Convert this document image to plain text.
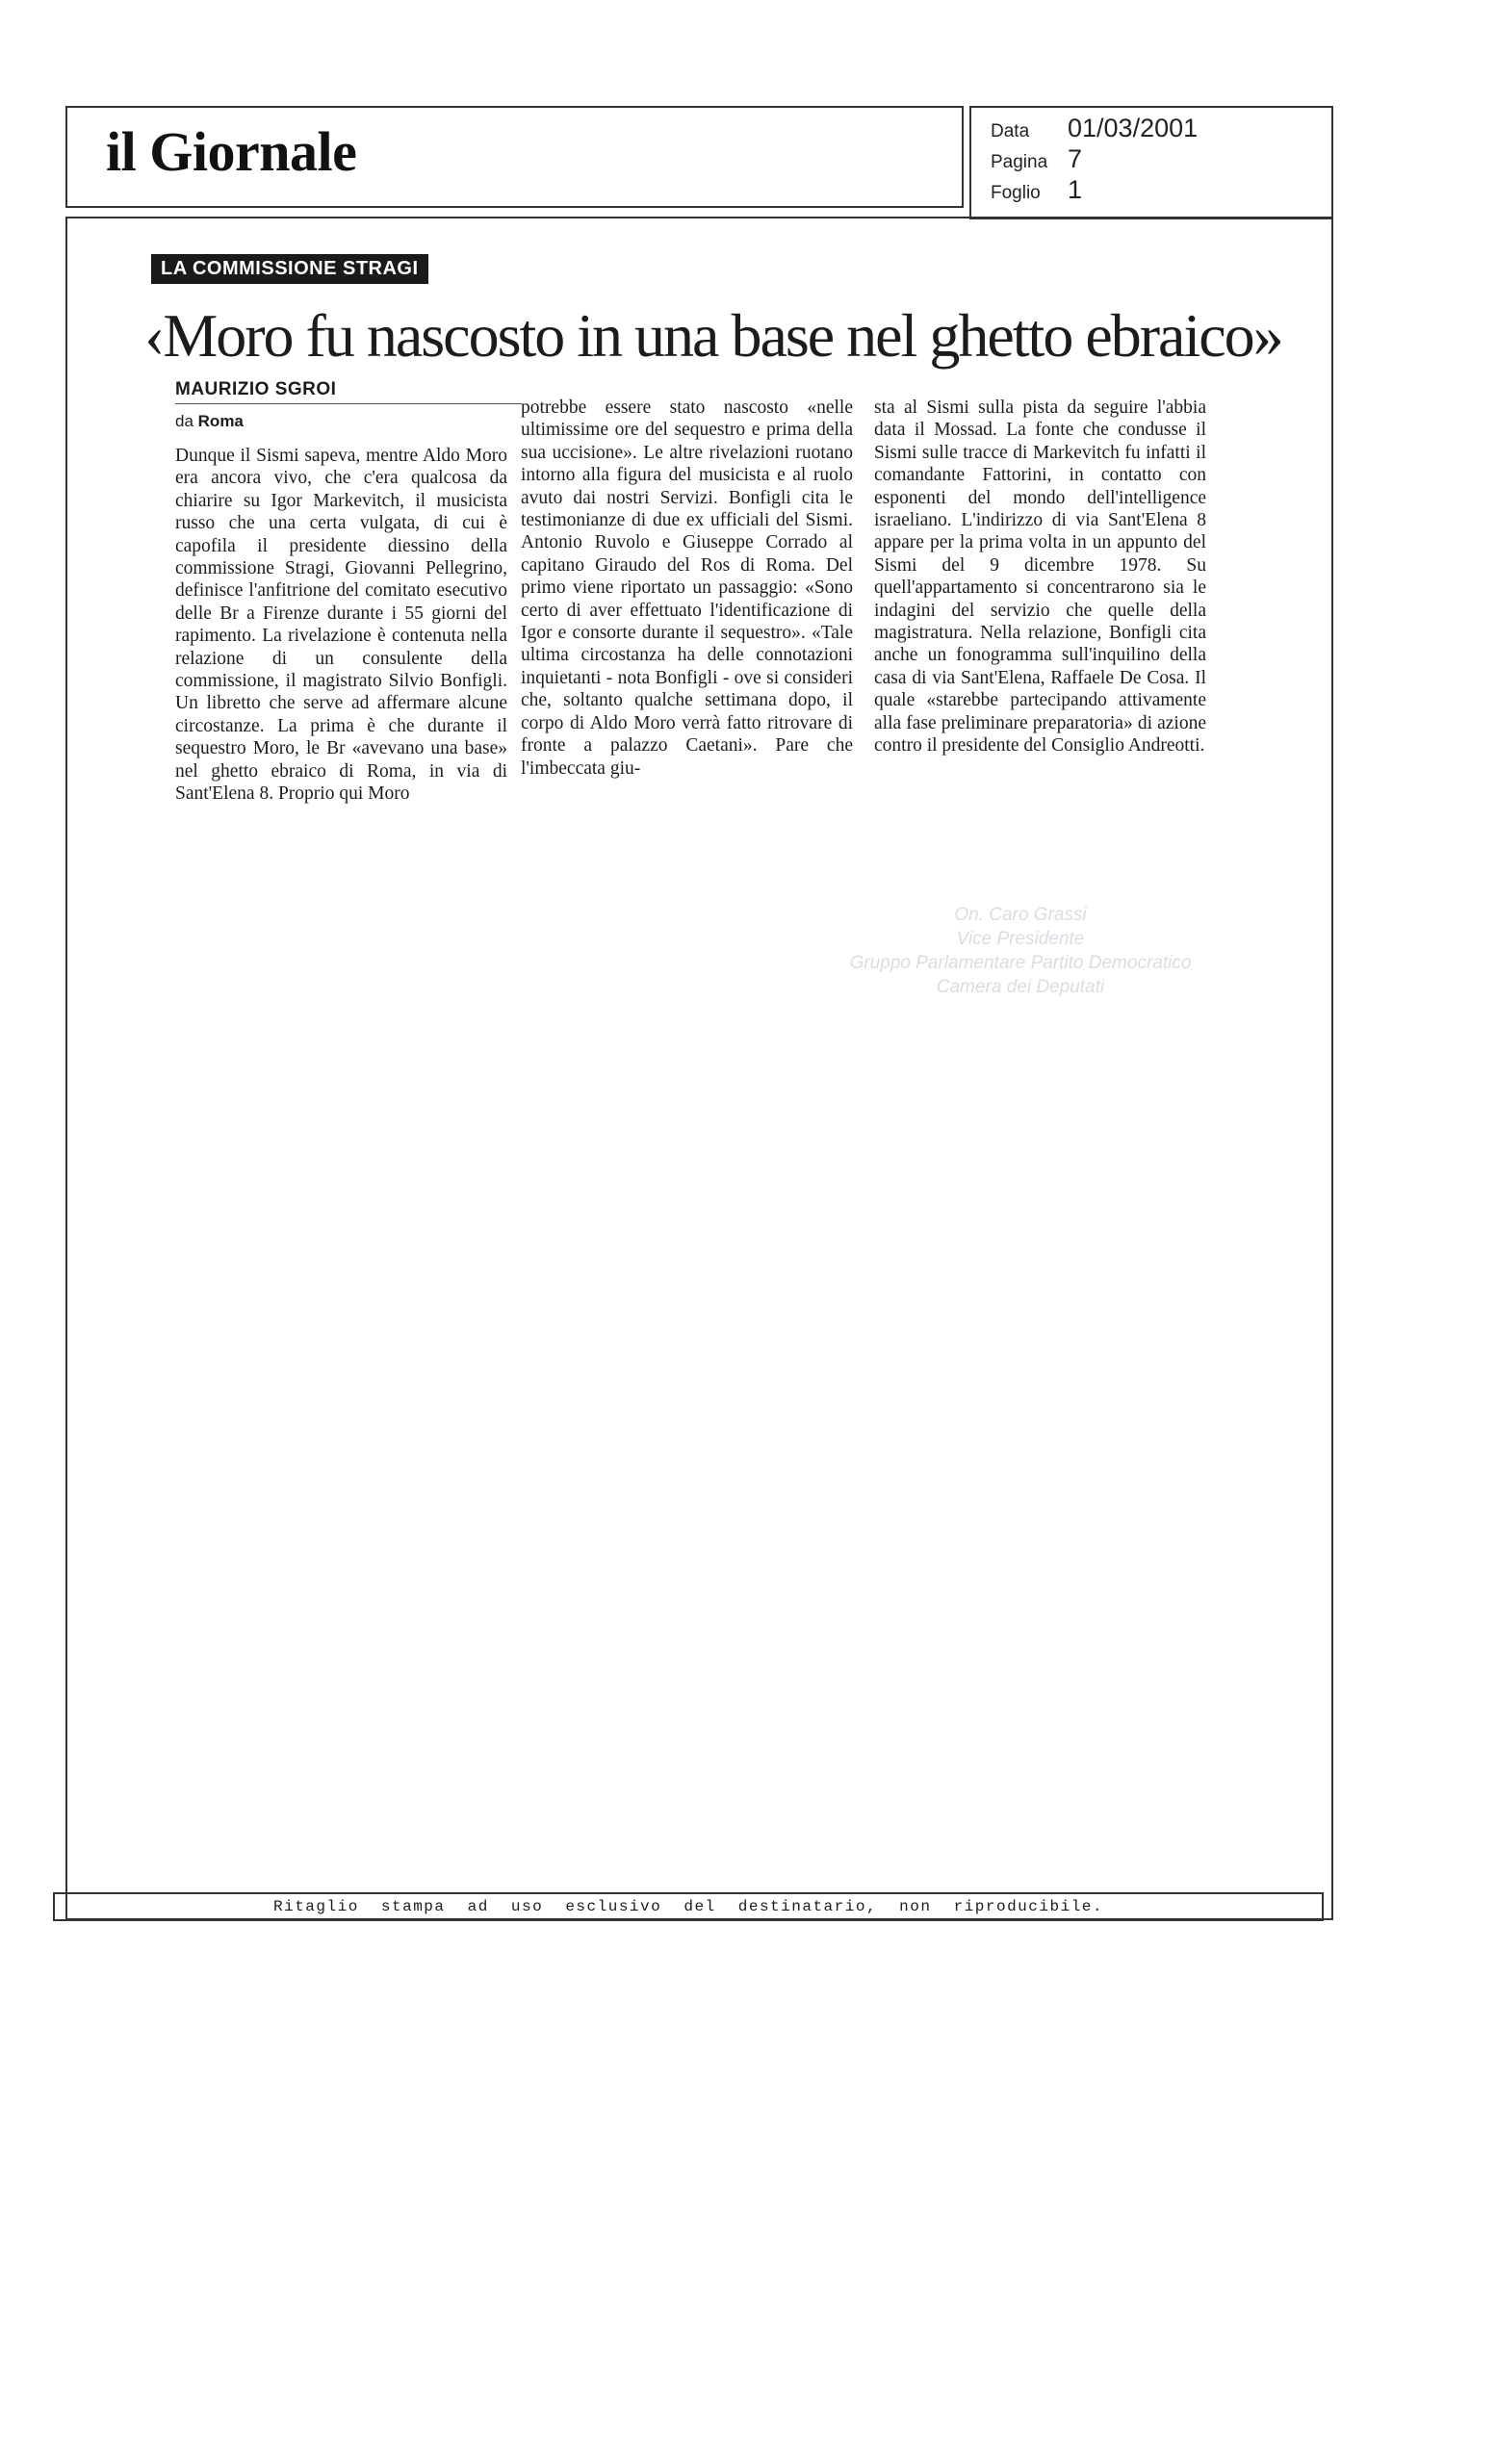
il Giornale	Data	01/03/2001
Pagina 7
Foglio	1
LA COMMISSIONE STRAGI
‹Moro fu nascosto in una base nel ghetto ebraico»
MAURIZIO SGROI
da Roma
Dunque il Sismi sapeva, mentre Aldo Moro era ancora vivo, che c'era qualcosa da chiarire su Igor Markevitch, il musicista russo che una certa vulgata, di cui è capofila il presidente diessino della commissione Stragi, Giovanni Pellegrino, definisce l'anfitrione del comitato esecutivo delle Br a Firenze durante i 55 giorni del rapimento. La rivelazione è contenuta nella relazione di un consulente della commissione, il magistrato Silvio Bonfigli. Un libretto che serve ad affermare alcune circostanze. La prima è che durante il sequestro Moro, le Br «avevano una base» nel ghetto ebraico di Roma, in via di Sant'Elena 8. Proprio qui Moro
potrebbe essere stato nascosto «nelle ultimissime ore del sequestro e prima della sua uccisione». Le altre rivelazioni ruotano intorno alla figura del musicista e al ruolo avuto dai nostri Servizi. Bonfigli cita le testimonianze di due ex ufficiali del Sismi. Antonio Ruvolo e Giuseppe Corrado al capitano Giraudo del Ros di Roma. Del primo viene riportato un passaggio: «Sono certo di aver effettuato l'identificazione di Igor e consorte durante il sequestro». «Tale ultima circostanza ha delle connotazioni inquietanti - nota Bonfigli - ove si consideri che, soltanto qualche settimana dopo, il corpo di Aldo Moro verrà fatto ritrovare di fronte a palazzo Caetani». Pare che l'imbeccata giu-
sta al Sismi sulla pista da seguire l'abbia data il Mossad. La fonte che condusse il Sismi sulle tracce di Markevitch fu infatti il comandante Fattorini, in contatto con esponenti del mondo dell'intelligence israeliano. L'indirizzo di via Sant'Elena 8 appare per la prima volta in un appunto del Sismi del 9 dicembre 1978. Su quell'appartamento si concentrarono sia le indagini del servizio che quelle della magistratura. Nella relazione, Bonfigli cita anche un fonogramma sull'inquilino della casa di via Sant'Elena, Raffaele De Cosa. Il quale «starebbe partecipando attivamente alla fase preliminare preparatoria» di azione contro il presidente del Consiglio Andreotti.
On. Caro Grassi
Vice Presidente
Gruppo Parlamentare Partito Democratico
Camera dei Deputati
Ritaglio stampa ad uso esclusivo del destinatario, non riproducibile.
